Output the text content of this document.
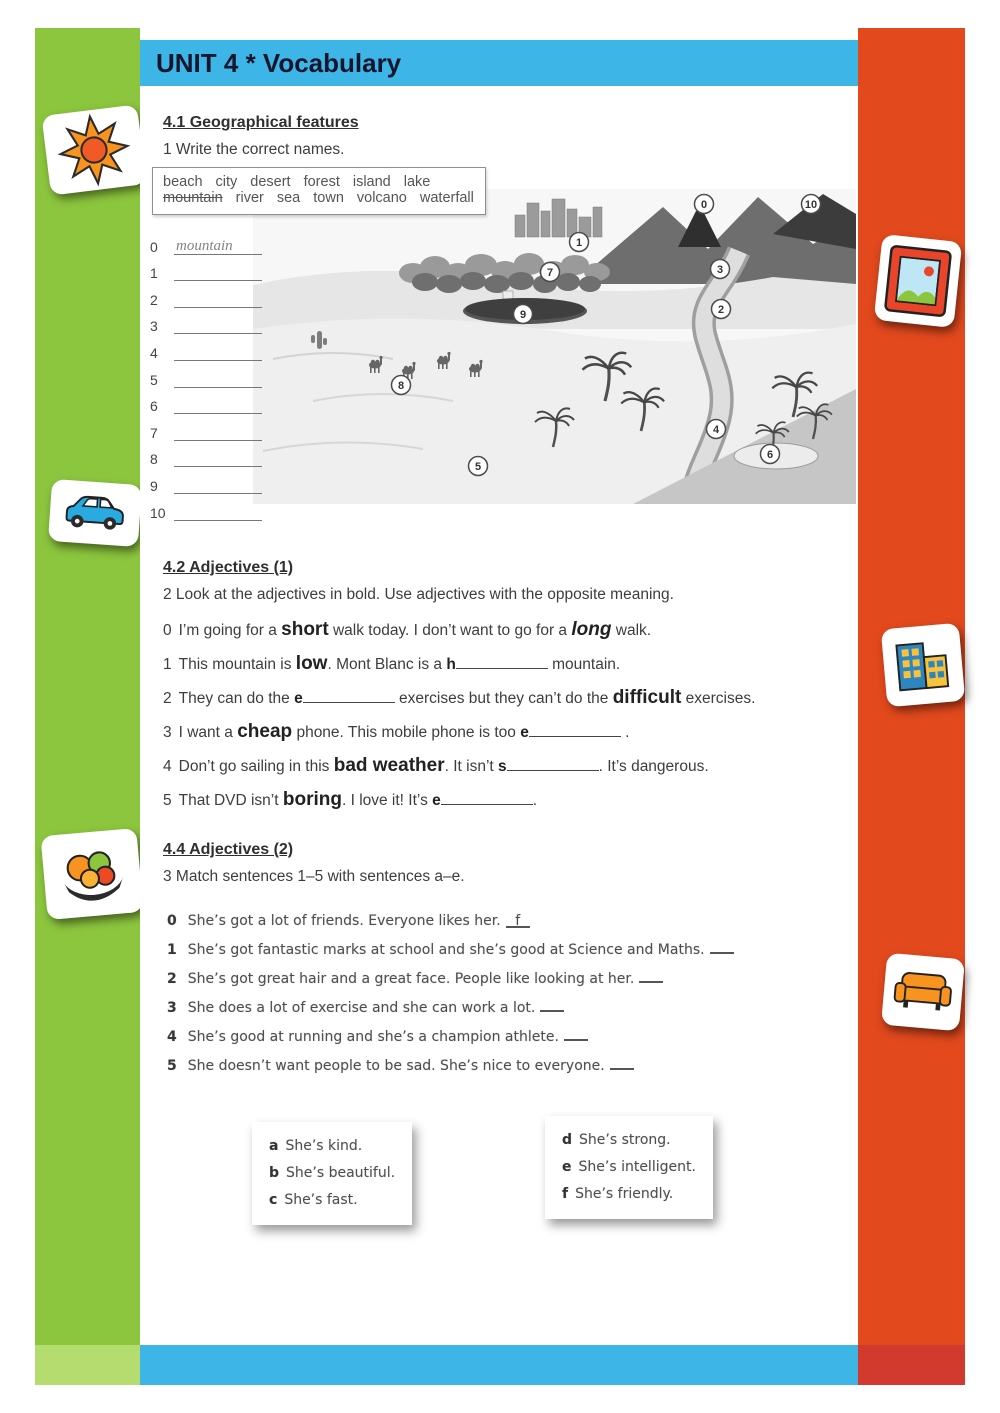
UNIT 4 * Vocabulary
4.1 Geographical features
1 Write the correct names.
beach city desert forest island lake
mountain river sea town volcano waterfall
0	mountain
1
2
3
4
5
6
7
8
9
10
0	10
1
7	3
2
9
8
4
6
5
4.2 Adjectives (1)
2 Look at the adjectives in bold. Use adjectives with the opposite meaning.

0 I’m going for a short walk today. I don’t want to go for a long walk.

1 This mountain is low. Mont Blanc is a h	mountain.

2 They can do the e	exercises but they can’t do the difficult exercises.

3 I want a cheap phone. This mobile phone is too e	.

4 Don’t go sailing in this bad weather. It isn’t s	. It’s dangerous.

5 That DVD isn’t boring. I love it! It’s e	.

4.4 Adjectives (2)
3 Match sentences 1–5 with sentences a–e.
0 She’s got a lot of friends. Everyone likes her. f
1 She’s got fantastic marks at school and she’s good at Science and Maths.
2 She’s got great hair and a great face. People like looking at her.
3 She does a lot of exercise and she can work a lot.
4 She’s good at running and she’s a champion athlete.
5 She doesn’t want people to be sad. She’s nice to everyone.
a She’s kind.
b She’s beautiful.
c She’s fast.
d She’s strong.
e She’s intelligent.
f She’s friendly.
